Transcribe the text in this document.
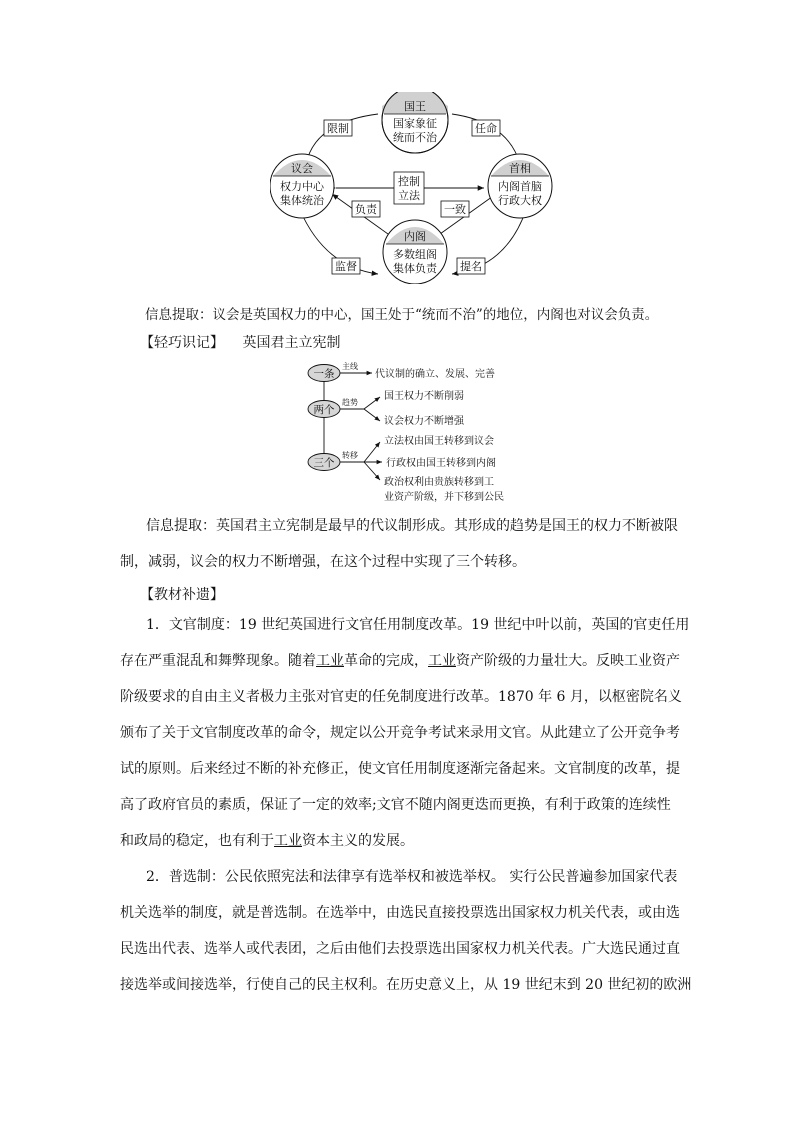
国王
国家象征
统而不治
议会
权力中心
集体统治
首相
内阁首脑
行政大权
内阁
多数组阁
集体负责
限制	任命
控制
立法
负责	一致
监督	提名
信息提取：议会是英国权力的中心，国王处于“统而不治”的地位，内阁也对议会负责。
【轻巧识记】 英国君主立宪制
一条
主线
代议制的确立、发展、完善
两个
趋势
国王权力不断削弱
议会权力不断增强
三个
转移
立法权由国王转移到议会
行政权由国王转移到内阁
政治权利由贵族转移到工
业资产阶级，并下移到公民
信息提取：英国君主立宪制是最早的代议制形成。其形成的趋势是国王的权力不断被限
制，减弱，议会的权力不断增强，在这个过程中实现了三个转移。
【教材补遗】
1．文官制度：19 世纪英国进行文官任用制度改革。19 世纪中叶以前，英国的官吏任用
存在严重混乱和舞弊现象。随着工业革命的完成，工业资产阶级的力量壮大。反映工业资产
阶级要求的自由主义者极力主张对官吏的任免制度进行改革。1870 年 6 月，以枢密院名义
颁布了关于文官制度改革的命令，规定以公开竞争考试来录用文官。从此建立了公开竞争考
试的原则。后来经过不断的补充修正，使文官任用制度逐渐完备起来。文官制度的改革，提
高了政府官员的素质，保证了一定的效率;文官不随内阁更迭而更换，有利于政策的连续性
和政局的稳定，也有利于工业资本主义的发展。
2．普选制：公民依照宪法和法律享有选举权和被选举权。 实行公民普遍参加国家代表
机关选举的制度，就是普选制。在选举中，由选民直接投票选出国家权力机关代表，或由选
民选出代表、选举人或代表团，之后由他们去投票选出国家权力机关代表。广大选民通过直
接选举或间接选举，行使自己的民主权利。在历史意义上，从 19 世纪末到 20 世纪初的欧洲
